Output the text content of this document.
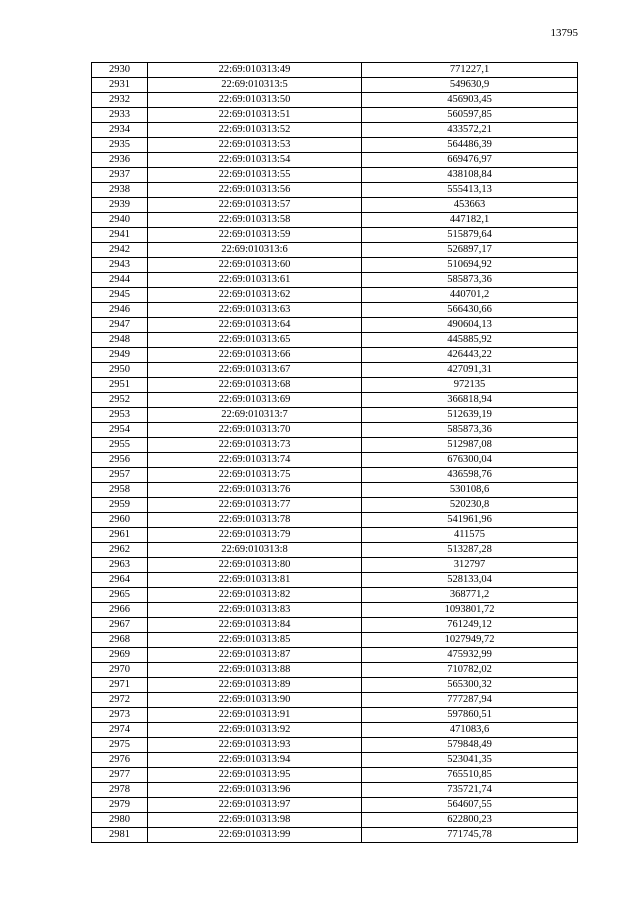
13795
2930	22:69:010313:49	771227,1
2931	22:69:010313:5	549630,9
2932	22:69:010313:50	456903,45
2933	22:69:010313:51	560597,85
2934	22:69:010313:52	433572,21
2935	22:69:010313:53	564486,39
2936	22:69:010313:54	669476,97
2937	22:69:010313:55	438108,84
2938	22:69:010313:56	555413,13
2939	22:69:010313:57	453663
2940	22:69:010313:58	447182,1
2941	22:69:010313:59	515879,64
2942	22:69:010313:6	526897,17
2943	22:69:010313:60	510694,92
2944	22:69:010313:61	585873,36
2945	22:69:010313:62	440701,2
2946	22:69:010313:63	566430,66
2947	22:69:010313:64	490604,13
2948	22:69:010313:65	445885,92
2949	22:69:010313:66	426443,22
2950	22:69:010313:67	427091,31
2951	22:69:010313:68	972135
2952	22:69:010313:69	366818,94
2953	22:69:010313:7	512639,19
2954	22:69:010313:70	585873,36
2955	22:69:010313:73	512987,08
2956	22:69:010313:74	676300,04
2957	22:69:010313:75	436598,76
2958	22:69:010313:76	530108,6
2959	22:69:010313:77	520230,8
2960	22:69:010313:78	541961,96
2961	22:69:010313:79	411575
2962	22:69:010313:8	513287,28
2963	22:69:010313:80	312797
2964	22:69:010313:81	528133,04
2965	22:69:010313:82	368771,2
2966	22:69:010313:83	1093801,72
2967	22:69:010313:84	761249,12
2968	22:69:010313:85	1027949,72
2969	22:69:010313:87	475932,99
2970	22:69:010313:88	710782,02
2971	22:69:010313:89	565300,32
2972	22:69:010313:90	777287,94
2973	22:69:010313:91	597860,51
2974	22:69:010313:92	471083,6
2975	22:69:010313:93	579848,49
2976	22:69:010313:94	523041,35
2977	22:69:010313:95	765510,85
2978	22:69:010313:96	735721,74
2979	22:69:010313:97	564607,55
2980	22:69:010313:98	622800,23
2981	22:69:010313:99	771745,78
